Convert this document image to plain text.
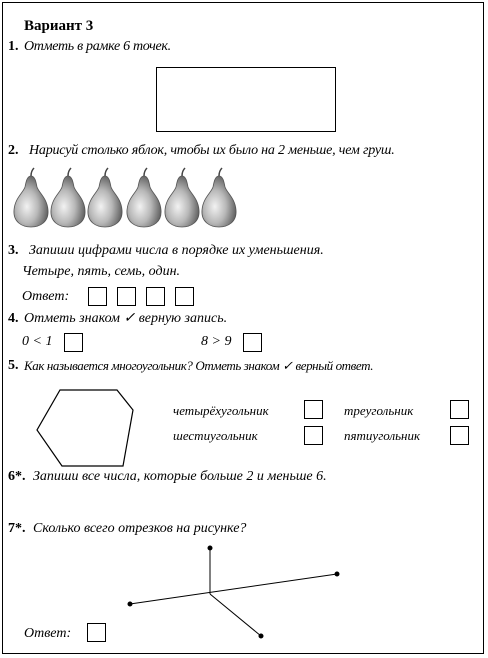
Вариант 3
1. Отметь в рамке 6 точек.
2. Нарисуй столько яблок, чтобы их было на 2 меньше, чем груш.
3. Запиши цифрами числа в порядке их уменьшения.
Четыре, пять, семь, один.
Ответ:
4. Отметь знаком ✓ верную запись.
0 < 1	8 > 9
5. Как называется многоугольник? Отметь знаком ✓ верный ответ.
четырёхугольник	треугольник
шестиугольник	пятиугольник
6*. Запиши все числа, которые больше 2 и меньше 6.
7*. Сколько всего отрезков на рисунке?
Ответ:
